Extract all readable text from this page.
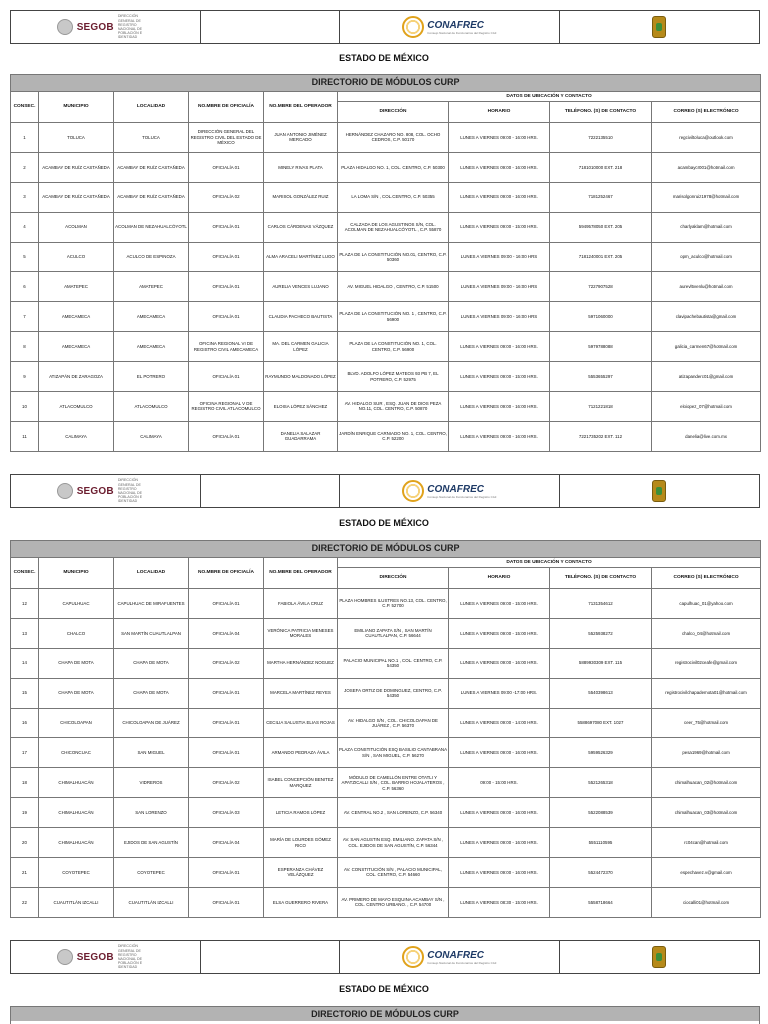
SEGOB
DIRECCIÓN GENERAL DE REGISTRO NACIONAL DE POBLACIÓN E IDENTIDAD
CONAFREC
Consejo Nacional de Funcionarios del Registro Civil
ESTADO DE MÉXICO
DIRECTORIO DE MÓDULOS CURP								
CONSEC.	MUNICIPIO	LOCALIDAD	NO.MBRE DE OFICIALÍA	NO.MBRE DEL OPERADOR	DATOS DE UBICACIÓN Y CONTACTO			
					DIRECCIÓN	HORARIO	TELÉFONO. (S) DE CONTACTO	CORREO (S) ELECTRÓNICO
1	TOLUCA	TOLUCA	DIRECCIÓN GENERAL DEL REGISTRO CIVIL DEL ESTADO DE MÉXICO	JUAN ANTONIO JIMÉNEZ MERCADO	HERNÁNDEZ CHAZARO NO. 808, COL. OCHO CEDROS, C.P. 50170	LUNES A VIERNES 09:00 - 16:00 HRS.	7222135510	regciviltoluca@outlook.com
2	ACAMBAY DE RUÍZ CASTAÑEDA	ACAMBAY DE RUÍZ CASTAÑEDA	OFICIALÍA 01	MINELY RIVAS PLATA	PLAZA HIDALGO NO. 1, COL. CENTRO, C.P. 50300	LUNES A VIERNES 09:00 - 16:00 HRS.	7181010000 EXT. 218	acambaycr001@hotmail.com
3	ACAMBAY DE RUÍZ CASTAÑEDA	ACAMBAY DE RUÍZ CASTAÑEDA	OFICIALÍA 02	MARISOL GONZÁLEZ RUIZ	LA LOMA S/N , COL.CENTRO, C.P. 50355	LUNES A VIERNES 09:00 - 16:00 HRS.	7181252467	marisolgonruiz1978@hotmail.com
4	ACOLMAN	ACOLMAN DE NEZAHUALCÓYOTL	OFICIALÍA 01	CARLOS CÁRDENAS VÁZQUEZ	CALZADA DE LOS AGUSTINOS S/N, COL. ACOLMAN DE NEZAHUALCÓYOTL , C.P. 55870	LUNES A VIERNES 09:00 - 15:00 HRS.	5949578050 EXT. 205	charlyaklam@hotmail.com
5	ACULCO	ACULCO DE ESPINOZA	OFICIALÍA 01	ALMA ARACELI MARTÍNEZ LUGO	PLAZA DE LA CONSTITUCIÓN NO.01, CENTRO, C.P. 50360	LUNES A VIERNES 09:00 - 16:00 HRS	7181240001 EXT. 205	opm_aculco@hotmail.com
6	AMATEPEC	AMATEPEC	OFICIALÍA 01	AURELIA VENCES LUJANO	AV. MIGUEL HIDALGO , CENTRO, C.P. 51500	LUNES A VIERNES 09:00 - 16:00 HRS	7227907528	aurevl5venlu@hotmail.com
7	AMECAMECA	AMECAMECA	OFICIALÍA 01	CLAUDIA PACHECO BAUTISTA	PLAZA DE LA CONSTITUCIÓN NO. 1 , CENTRO, C.P. 56900	LUNES A VIERNES 09:00 - 16:00 HRS	5971060000	clavipachebautista@gmail.com
8	AMECAMECA	AMECAMECA	OFICINA REGIONAL VI DE REGISTRO CIVIL AMECAMECA	MA. DEL CARMEN GALICIA LÓPEZ	PLAZA DE LA CONSTITUCIÓN NO. 1, COL. CENTRO, C.P. 56900	LUNES A VIERNES 09:00 - 16:00 HRS.	5979788088	galicia_carmen67@hotmail.com
9	ATIZAPÁN DE ZARAGOZA	EL POTRERO	OFICIALÍA 01	RAYMUNDO MALDONADO LÓPEZ	BLVD. ADOLFO LÓPEZ MATEOS 93 PB 7, EL POTRERO, C.P. 52975	LUNES A VIERNES 09:00 - 15:00 HRS.	5553655297	atizapanderc01@gmail.com
10	ATLACOMULCO	ATLACOMULCO	OFICINA REGIONAL V DE REGISTRO CIVIL ATLACOMULCO	ELOISA LÓPEZ SÁNCHEZ	AV. HIDALGO SUR , ESQ. JUAN DE DIOS PEZA NO.11, COL. CENTRO, C.P. 50870	LUNES A VIERNES 09:00 - 16:00 HRS.	7121221818	eloiopez_07@hotmail.com
11	CALIMAYA	CALIMAYA	OFICIALÍA 01	DANELIA SALAZAR GUADARRAMA	JARDÍN ENRIQUE CARNIADO NO. 1, COL. CENTRO, C.P. 52200	LUNES A VIERNES 09:00 - 16:00 HRS.	7221735202 EXT. 112	danelia@live.com.mx
SEGOB
DIRECCIÓN GENERAL DE REGISTRO NACIONAL DE POBLACIÓN E IDENTIDAD
CONAFREC
Consejo Nacional de Funcionarios del Registro Civil
ESTADO DE MÉXICO
DIRECTORIO DE MÓDULOS CURP								
CONSEC.	MUNICIPIO	LOCALIDAD	NO.MBRE DE OFICIALÍA	NO.MBRE DEL OPERADOR	DATOS DE UBICACIÓN Y CONTACTO			
					DIRECCIÓN	HORARIO	TELÉFONO. (S) DE CONTACTO	CORREO (S) ELECTRÓNICO
12	CAPULHUAC	CAPULHUAC DE MIRAFUENTES	OFICIALÍA 01	FABIOLA ÁVILA CRUZ	PLAZA HOMBRES ILUSTRES NO.13, COL. CENTRO, C.P. 52700	LUNES A VIERNES 09:00 - 15:00 HRS.	7131354612	capulhuac_01@yahoo.com
13	CHALCO	SAN MARTÍN CUAUTLALPAN	OFICIALÍA 04	VERÓNICA PATRICIA MENESES MORALES	EMILIANO ZAPATA S/N , SAN MARTÍN CUAUTLALPAN, C.P. 56644	LUNES A VIERNES 09:00 - 15:00 HRS.	5525938272	chalco_04@hotmail.com
14	CHAPA DE MOTA	CHAPA DE MOTA	OFICIALÍA 02	MARTHA HERNÁNDEZ NOGUEZ	PALACIO MUNICIPAL NO.1 , COL. CENTRO, C.P. 54350	LUNES A VIERNES 09:00 - 16:00 HRS.	5889930309 EXT. 115	registrocivil02ceafe@gmail.com
15	CHAPA DE MOTA	CHAPA DE MOTA	OFICIALÍA 01	MARCELA MARTÍNEZ REYES	JOSEFA ORTIZ DE DOMINGUEZ, CENTRO, C.P. 54350	LUNES A VIERNES 09:00 -17:00 HRS.	5540398613	registrocivilchapademota01@hotmail.com
16	CHICOLOAPAN	CHICOLOAPAN DE JUÁREZ	OFICIALÍA 01	CECILIA SALUSTIA ELIAS ROJAS	AV. HIDALGO S/N , COL. CHICOLOAPAN DE JUÁREZ , C.P. 56370	LUNES A VIERNES 09:00 - 14:00 HRS.	5588697080 EXT. 1027	ceer_75@hotmail.com
17	CHICONCUAC	SAN MIGUEL	OFICIALÍA 01	ARMANDO PEDRAZA ÁVILA	PLAZA CONSTITUCIÓN ESQ BASILIO CANTABRANA S/N , SAN MIGUEL, C.P. 56270	LUNES A VIERNES 09:00 - 16:00 HRS.	5959526329	pesa1969@hotmail.com
18	CHIMALHUACÁN	VIDREROS	OFICIALÍA 02	ISABEL CONCEPCIÓN BENITEZ MARQUEZ	MÓDULO DE CAMELLÓN ENTRE OTATLI Y APATZICALLI S/N , COL. BARRIO HOJALATEROS , C.P. 56360	09:00 - 15:00 HRS.	5521265318	chimalhuacan_02@hotmail.com
19	CHIMALHUACÁN	SAN LORENZO	OFICIALÍA 03	LETICIA RAMOS LÓPEZ	AV. CENTRAL NO.2 , SAN LORENZO, C.P. 56340	LUNES A VIERNES 09:00 - 16:00 HRS.	5522088539	chimalhuacan_03@hotmail.com
20	CHIMALHUACÁN	EJIDOS DE SAN AGUSTÍN	OFICIALÍA 04	MARÍA DE LOURDES GÓMEZ RICO	AV. SAN AGUSTIN ESQ. EMILIANO. ZAPATA S/N , COL. EJIDOS DE SAN AGUSTÍN, C.P. 56344	LUNES A VIERNES 09:00 - 16:00 HRS.	5551110595	rc04can@hotmail.com
21	COYOTEPEC	COYOTEPEC	OFICIALÍA 01	ESPERANZA CHÁVEZ VELÁZQUEZ	AV. CONSTITUCIÓN S/N , PALACIO MUNICIPAL, COL. CENTRO, C.P. 54660	LUNES A VIERNES 09:00 - 16:00 HRS.	5524472370	espechavez.v@gmail.com
22	CUAUTITLÁN IZCALLI	CUAUTITLÁN IZCALLI	OFICIALÍA 01	ELSA GUERRERO RIVERA	AV. PRIMERO DE MAYO ESQUINA ACAMBAY S/N , COL. CENTRO URBANO. , C.P. 54700	LUNES A VIERNES 08:30 - 15:00 HRS.	5558718664	ciocalli01@hotmail.com
SEGOB
DIRECCIÓN GENERAL DE REGISTRO NACIONAL DE POBLACIÓN E IDENTIDAD
CONAFREC
Consejo Nacional de Funcionarios del Registro Civil
ESTADO DE MÉXICO
DIRECTORIO DE MÓDULOS CURP
